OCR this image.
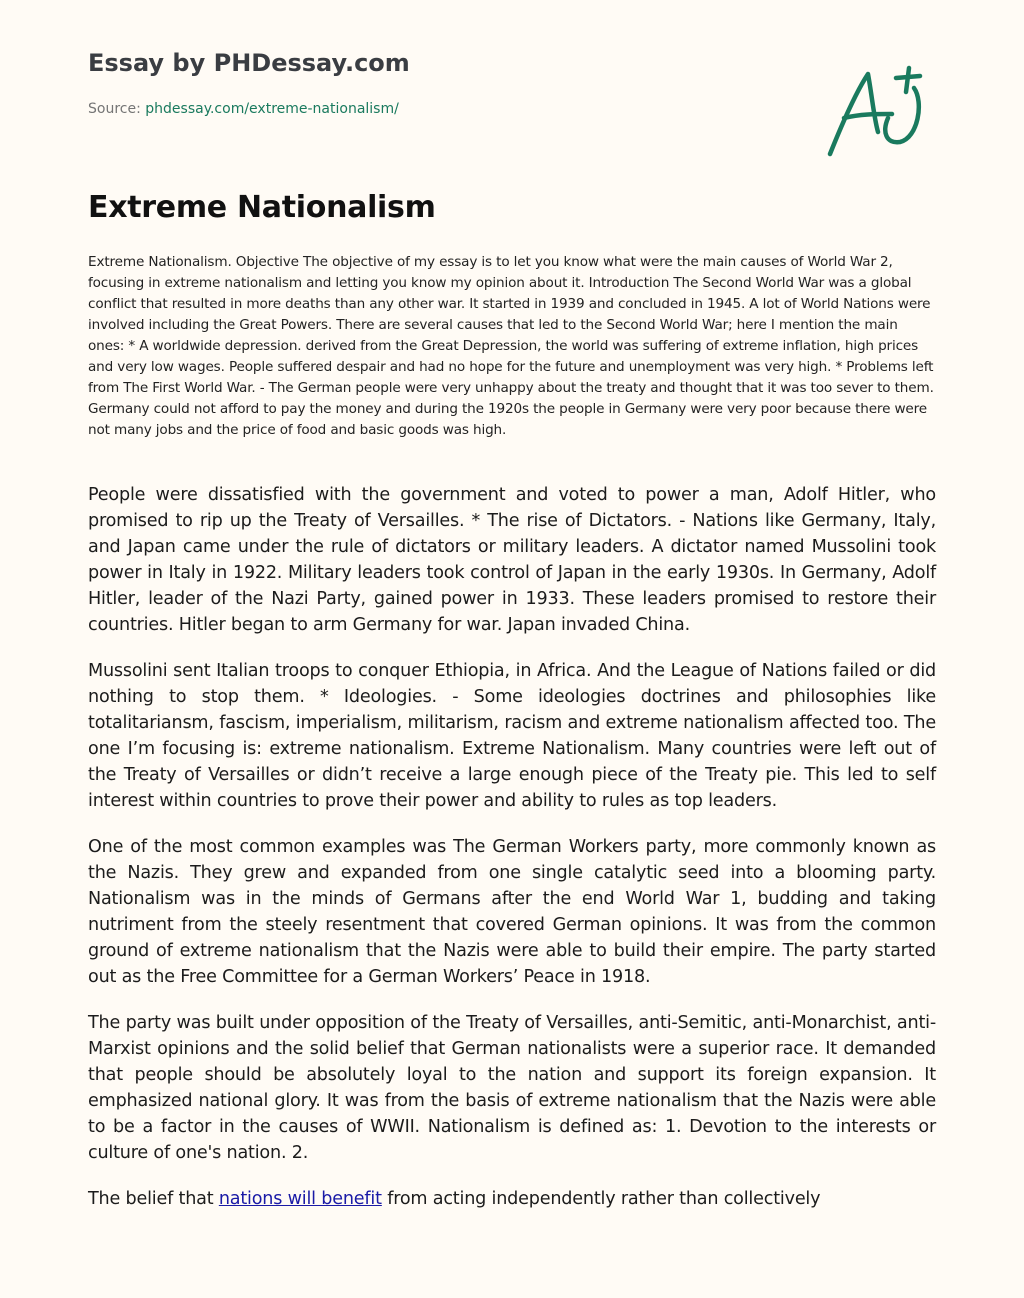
Essay by PHDessay.com
Source: phdessay.com/extreme-nationalism/
Extreme Nationalism

Extreme Nationalism. Objective The objective of my essay is to let you know what were the main causes of World War 2, focusing in extreme nationalism and letting you know my opinion about it. Introduction The Second World War was a global conflict that resulted in more deaths than any other war. It started in 1939 and concluded in 1945. A lot of World Nations were involved including the Great Powers. There are several causes that led to the Second World War; here I mention the main ones: * A worldwide depression. derived from the Great Depression, the world was suffering of extreme inflation, high prices and very low wages. People suffered despair and had no hope for the future and unemployment was very high. * Problems left from The First World War. - The German people were very unhappy about the treaty and thought that it was too sever to them. Germany could not afford to pay the money and during the 1920s the people in Germany were very poor because there were not many jobs and the price of food and basic goods was high.

People were dissatisfied with the government and voted to power a man, Adolf Hitler, who promised to rip up the Treaty of Versailles. * The rise of Dictators. - Nations like Germany, Italy, and Japan came under the rule of dictators or military leaders. A dictator named Mussolini took power in Italy in 1922. Military leaders took control of Japan in the early 1930s. In Germany, Adolf Hitler, leader of the Nazi Party, gained power in 1933. These leaders promised to restore their countries. Hitler began to arm Germany for war. Japan invaded China.

Mussolini sent Italian troops to conquer Ethiopia, in Africa. And the League of Nations failed or did nothing to stop them. * Ideologies. - Some ideologies doctrines and philosophies like totalitariansm, fascism, imperialism, militarism, racism and extreme nationalism affected too. The one I’m focusing is: extreme nationalism. Extreme Nationalism. Many countries were left out of the Treaty of Versailles or didn’t receive a large enough piece of the Treaty pie. This led to self interest within countries to prove their power and ability to rules as top leaders.

One of the most common examples was The German Workers party, more commonly known as the Nazis. They grew and expanded from one single catalytic seed into a blooming party. Nationalism was in the minds of Germans after the end World War 1, budding and taking nutriment from the steely resentment that covered German opinions. It was from the common ground of extreme nationalism that the Nazis were able to build their empire. The party started out as the Free Committee for a German Workers’ Peace in 1918.

The party was built under opposition of the Treaty of Versailles, anti-Semitic, anti-Monarchist, anti-Marxist opinions and the solid belief that German nationalists were a superior race. It demanded that people should be absolutely loyal to the nation and support its foreign expansion. It emphasized national glory. It was from the basis of extreme nationalism that the Nazis were able to be a factor in the causes of WWII. Nationalism is defined as: 1. Devotion to the interests or culture of one's nation. 2.

The belief that nations will benefit from acting independently rather than collectively
